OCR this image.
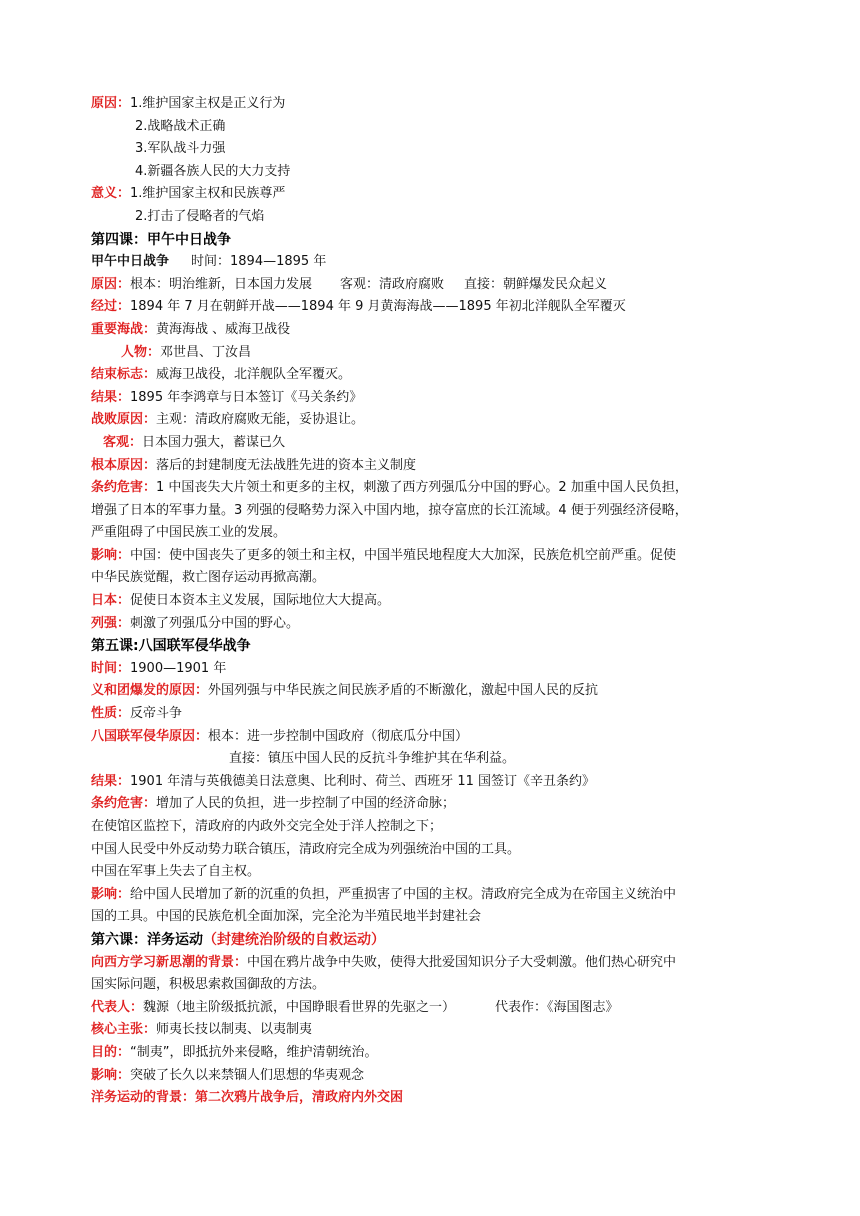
原因：1.维护国家主权是正义行为
2.战略战术正确
3.军队战斗力强
4.新疆各族人民的大力支持
意义：1.维护国家主权和民族尊严
2.打击了侵略者的气焰
第四课：甲午中日战争
甲午中日战争 时间：1894—1895 年
原因：根本：明治维新，日本国力发展 客观：清政府腐败 直接：朝鲜爆发民众起义
经过：1894 年 7 月在朝鲜开战——1894 年 9 月黄海海战——1895 年初北洋舰队全军覆灭
重要海战：黄海海战 、威海卫战役
人物：邓世昌、丁汝昌
结束标志：威海卫战役，北洋舰队全军覆灭。
结果：1895 年李鸿章与日本签订《马关条约》
战败原因：主观：清政府腐败无能，妥协退让。
客观：日本国力强大，蓄谋已久
根本原因：落后的封建制度无法战胜先进的资本主义制度
条约危害：1 中国丧失大片领土和更多的主权，刺激了西方列强瓜分中国的野心。2 加重中国人民负担，
增强了日本的军事力量。3 列强的侵略势力深入中国内地，掠夺富庶的长江流域。4 便于列强经济侵略，
严重阻碍了中国民族工业的发展。
影响：中国：使中国丧失了更多的领土和主权，中国半殖民地程度大大加深，民族危机空前严重。促使
中华民族觉醒，救亡图存运动再掀高潮。
日本：促使日本资本主义发展，国际地位大大提高。
列强：刺激了列强瓜分中国的野心。
第五课:八国联军侵华战争
时间：1900—1901 年
义和团爆发的原因：外国列强与中华民族之间民族矛盾的不断激化，激起中国人民的反抗
性质：反帝斗争
八国联军侵华原因：根本：进一步控制中国政府（彻底瓜分中国）
直接：镇压中国人民的反抗斗争维护其在华利益。
结果：1901 年清与英俄德美日法意奥、比利时、荷兰、西班牙 11 国签订《辛丑条约》
条约危害：增加了人民的负担，进一步控制了中国的经济命脉；
在使馆区监控下，清政府的内政外交完全处于洋人控制之下；
中国人民受中外反动势力联合镇压，清政府完全成为列强统治中国的工具。
中国在军事上失去了自主权。
影响：给中国人民增加了新的沉重的负担，严重损害了中国的主权。清政府完全成为在帝国主义统治中
国的工具。中国的民族危机全面加深，完全沦为半殖民地半封建社会
第六课：洋务运动（封建统治阶级的自救运动）
向西方学习新思潮的背景：中国在鸦片战争中失败，使得大批爱国知识分子大受刺激。他们热心研究中
国实际问题，积极思索救国御敌的方法。
代表人：魏源（地主阶级抵抗派，中国睁眼看世界的先驱之一）	代表作：《海国图志》
核心主张：师夷长技以制夷、以夷制夷
目的：“制夷”，即抵抗外来侵略，维护清朝统治。
影响：突破了长久以来禁锢人们思想的华夷观念
洋务运动的背景：第二次鸦片战争后，清政府内外交困
